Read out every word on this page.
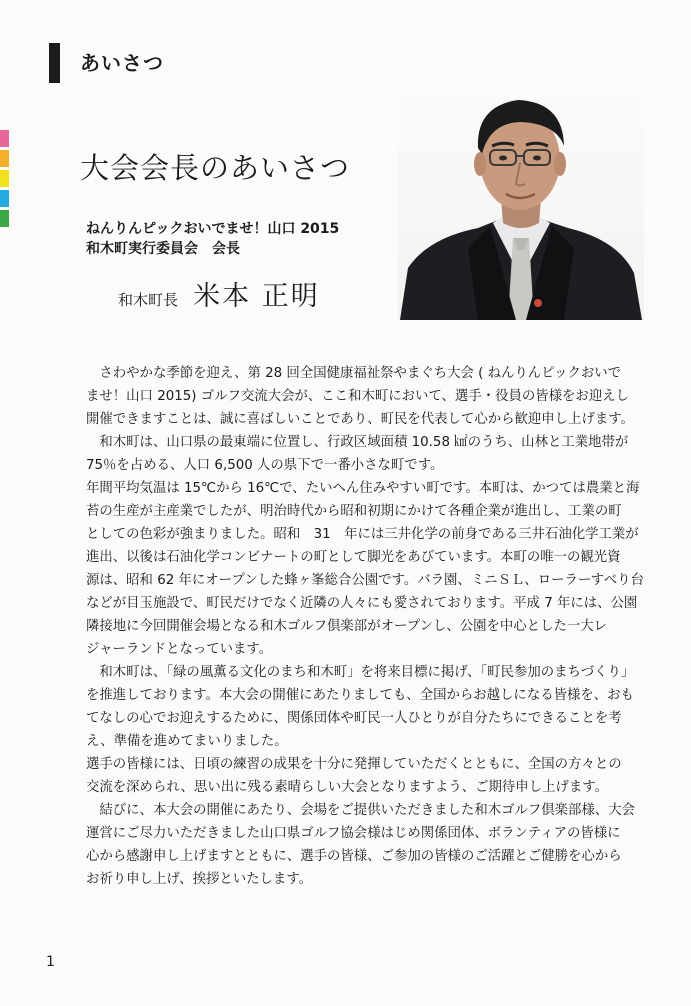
あいさつ
大会会長のあいさつ
ねんりんピックおいでませ！山口 2015
和木町実行委員会　会長
和木町長 米本 正明

　さわやかな季節を迎え、第 28 回全国健康福祉祭やまぐち大会 ( ねんりんピックおいで

ませ！山口 2015) ゴルフ交流大会が、ここ和木町において、選手・役員の皆様をお迎えし

開催できますことは、誠に喜ばしいことであり、町民を代表して心から歓迎申し上げます。

　和木町は、山口県の最東端に位置し、行政区域面積 10.58 ㎢のうち、山林と工業地帯が

75％を占める、人口 6,500 人の県下で一番小さな町です。

年間平均気温は 15℃から 16℃で、たいへん住みやすい町です。本町は、かつては農業と海

苔の生産が主産業でしたが、明治時代から昭和初期にかけて各種企業が進出し、工業の町

としての色彩が強まりました。昭和　31　年には三井化学の前身である三井石油化学工業が

進出、以後は石油化学コンビナートの町として脚光をあびています。本町の唯一の観光資

源は、昭和 62 年にオープンした蜂ヶ峯総合公園です。バラ園、ミニＳＬ、ローラーすべり台

などが目玉施設で、町民だけでなく近隣の人々にも愛されております。平成 7 年には、公園

隣接地に今回開催会場となる和木ゴルフ倶楽部がオープンし、公園を中心とした一大レ

ジャーランドとなっています。

　和木町は、「緑の風薫る文化のまち和木町」を将来目標に掲げ、「町民参加のまちづくり」

を推進しております。本大会の開催にあたりましても、全国からお越しになる皆様を、おも

てなしの心でお迎えするために、関係団体や町民一人ひとりが自分たちにできることを考

え、準備を進めてまいりました。

選手の皆様には、日頃の練習の成果を十分に発揮していただくとともに、全国の方々との

交流を深められ、思い出に残る素晴らしい大会となりますよう、ご期待申し上げます。

　結びに、本大会の開催にあたり、会場をご提供いただきました和木ゴルフ倶楽部様、大会

運営にご尽力いただきました山口県ゴルフ協会様はじめ関係団体、ボランティアの皆様に

心から感謝申し上げますとともに、選手の皆様、ご参加の皆様のご活躍とご健勝を心から

お祈り申し上げ、挨拶といたします。

1
